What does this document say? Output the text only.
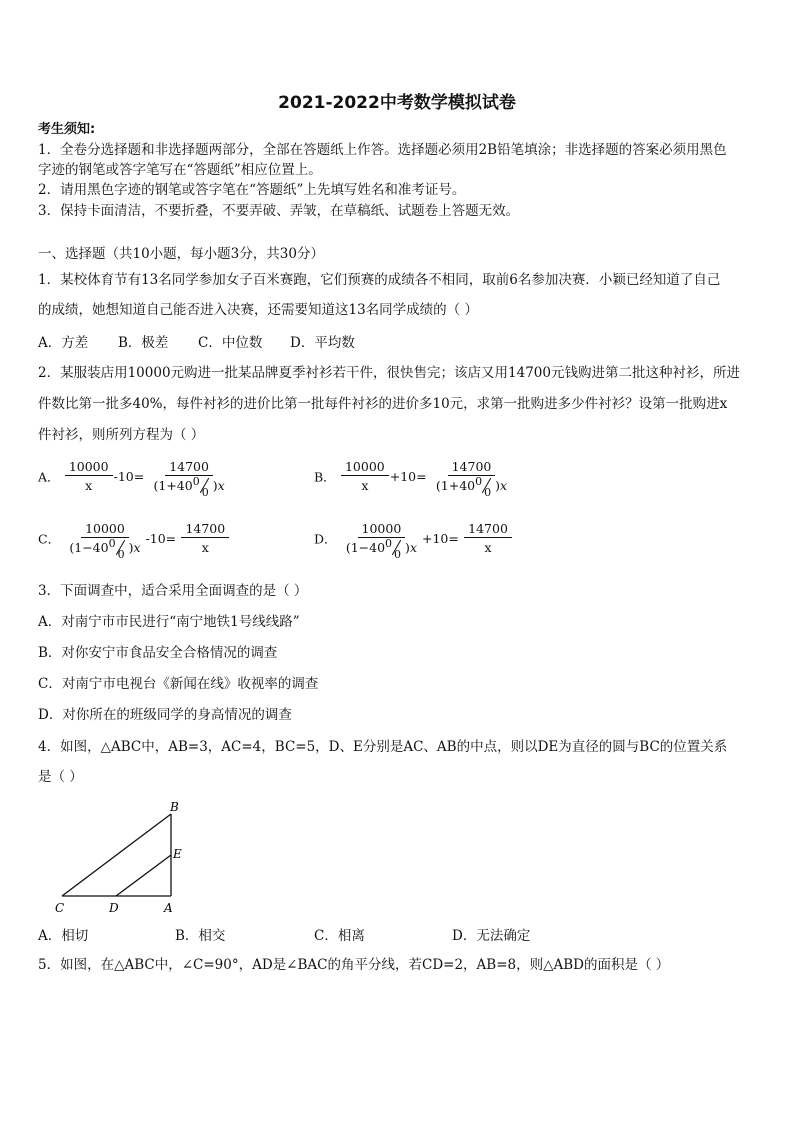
2021-2022中考数学模拟试卷
考生须知:
1．全卷分选择题和非选择题两部分，全部在答题纸上作答。选择题必须用2B铅笔填涂；非选择题的答案必须用黑色
字迹的钢笔或答字笔写在“答题纸”相应位置上。
2．请用黑色字迹的钢笔或答字笔在“答题纸”上先填写姓名和准考证号。
3．保持卡面清洁，不要折叠，不要弄破、弄皱，在草稿纸、试题卷上答题无效。
一、选择题（共10小题，每小题3分，共30分）
1．某校体育节有13名同学参加女子百米赛跑，它们预赛的成绩各不相同，取前6名参加决赛．小颖已经知道了自己
的成绩，她想知道自己能否进入决赛，还需要知道这13名同学成绩的（ ）
A．方差 B．极差 C．中位数 D．平均数
2．某服装店用10000元购进一批某品牌夏季衬衫若干件，很快售完；该店又用14700元钱购进第二批这种衬衫，所进
件数比第一批多40%，每件衬衫的进价比第一批每件衬衫的进价多10元，求第一批购进多少件衬衫？设第一批购进x
件衬衫，则所列方程为（ ）
A． $\frac{10000}{x} -10= 14700$
(1+40 0
0 )x	B． $\frac{10000}{x} +10= 14700$
(1+40 0
0 )x
C． 10000
(1−40 0
0 )x $-10= \frac{14700}{x}$	D． 10000
(1−40 0
0 )$x +10= \frac{14700}{x}$
3．下面调查中，适合采用全面调查的是（ ）
A．对南宁市市民进行“南宁地铁1号线线路”
B．对你安宁市食品安全合格情况的调查
C．对南宁市电视台《新闻在线》收视率的调查
D．对你所在的班级同学的身高情况的调查
4．如图，△ABC中，AB=3，AC=4，BC=5，D、E分别是AC、AB的中点，则以DE为直径的圆与BC的位置关系
是（ ）
B
E
C	D	A
A．相切	B．相交	C．相离	D．无法确定
5．如图，在△ABC中，∠C=90°，AD是∠BAC的角平分线，若CD=2，AB=8，则△ABD的面积是（ ）
